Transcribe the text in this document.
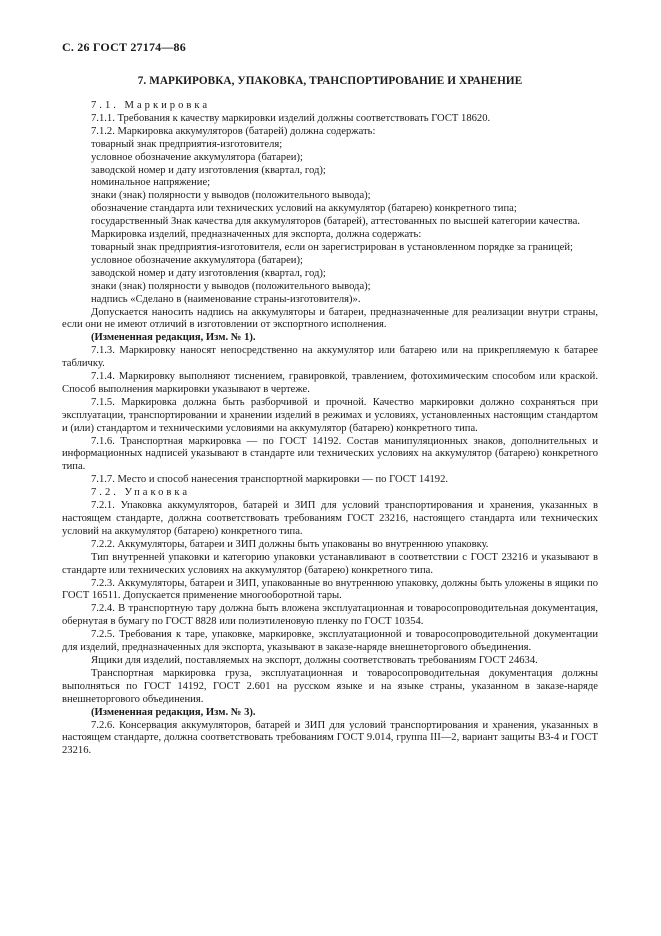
С. 26 ГОСТ 27174—86
7. МАРКИРОВКА, УПАКОВКА, ТРАНСПОРТИРОВАНИЕ И ХРАНЕНИЕ

7.1. Маркировка

7.1.1. Требования к качеству маркировки изделий должны соответствовать ГОСТ 18620.

7.1.2. Маркировка аккумуляторов (батарей) должна содержать:

товарный знак предприятия-изготовителя;

условное обозначение аккумулятора (батареи);

заводской номер и дату изготовления (квартал, год);

номинальное напряжение;

знаки (знак) полярности у выводов (положительного вывода);

обозначение стандарта или технических условий на аккумулятор (батарею) конкретного типа;

государственный Знак качества для аккумуляторов (батарей), аттестованных по высшей категории качества.

Маркировка изделий, предназначенных для экспорта, должна содержать:

товарный знак предприятия-изготовителя, если он зарегистрирован в установленном порядке за границей;

условное обозначение аккумулятора (батареи);

заводской номер и дату изготовления (квартал, год);

знаки (знак) полярности у выводов (положительного вывода);

надпись «Сделано в (наименование страны-изготовителя)».

Допускается наносить надпись на аккумуляторы и батареи, предназначенные для реализации внутри страны, если они не имеют отличий в изготовлении от экспортного исполнения.

(Измененная редакция, Изм. № 1).

7.1.3. Маркировку наносят непосредственно на аккумулятор или батарею или на прикрепляемую к батарее табличку.

7.1.4. Маркировку выполняют тиснением, гравировкой, травлением, фотохимическим способом или краской. Способ выполнения маркировки указывают в чертеже.

7.1.5. Маркировка должна быть разборчивой и прочной. Качество маркировки должно сохраняться при эксплуатации, транспортировании и хранении изделий в режимах и условиях, установленных настоящим стандартом и (или) стандартом и техническими условиями на аккумулятор (батарею) конкретного типа.

7.1.6. Транспортная маркировка — по ГОСТ 14192. Состав манипуляционных знаков, дополнительных и информационных надписей указывают в стандарте или технических условиях на аккумулятор (батарею) конкретного типа.

7.1.7. Место и способ нанесения транспортной маркировки — по ГОСТ 14192.

7.2. Упаковка

7.2.1. Упаковка аккумуляторов, батарей и ЗИП для условий транспортирования и хранения, указанных в настоящем стандарте, должна соответствовать требованиям ГОСТ 23216, настоящего стандарта или технических условий на аккумулятор (батарею) конкретного типа.

7.2.2. Аккумуляторы, батареи и ЗИП должны быть упакованы во внутреннюю упаковку.

Тип внутренней упаковки и категорию упаковки устанавливают в соответствии с ГОСТ 23216 и указывают в стандарте или технических условиях на аккумулятор (батарею) конкретного типа.

7.2.3. Аккумуляторы, батареи и ЗИП, упакованные во внутреннюю упаковку, должны быть уложены в ящики по ГОСТ 16511. Допускается применение многооборотной тары.

7.2.4. В транспортную тару должна быть вложена эксплуатационная и товаросопроводительная документация, обернутая в бумагу по ГОСТ 8828 или полиэтиленовую пленку по ГОСТ 10354.

7.2.5. Требования к таре, упаковке, маркировке, эксплуатационной и товаросопроводительной документации для изделий, предназначенных для экспорта, указывают в заказе-наряде внешнеторгового объединения.

Ящики для изделий, поставляемых на экспорт, должны соответствовать требованиям ГОСТ 24634.

Транспортная маркировка груза, эксплуатационная и товаросопроводительная документация должны выполняться по ГОСТ 14192, ГОСТ 2.601 на русском языке и на языке страны, указанном в заказе-наряде внешнеторгового объединения.

(Измененная редакция, Изм. № 3).

7.2.6. Консервация аккумуляторов, батарей и ЗИП для условий транспортирования и хранения, указанных в настоящем стандарте, должна соответствовать требованиям ГОСТ 9.014, группа III—2, вариант защиты В3-4 и ГОСТ 23216.
